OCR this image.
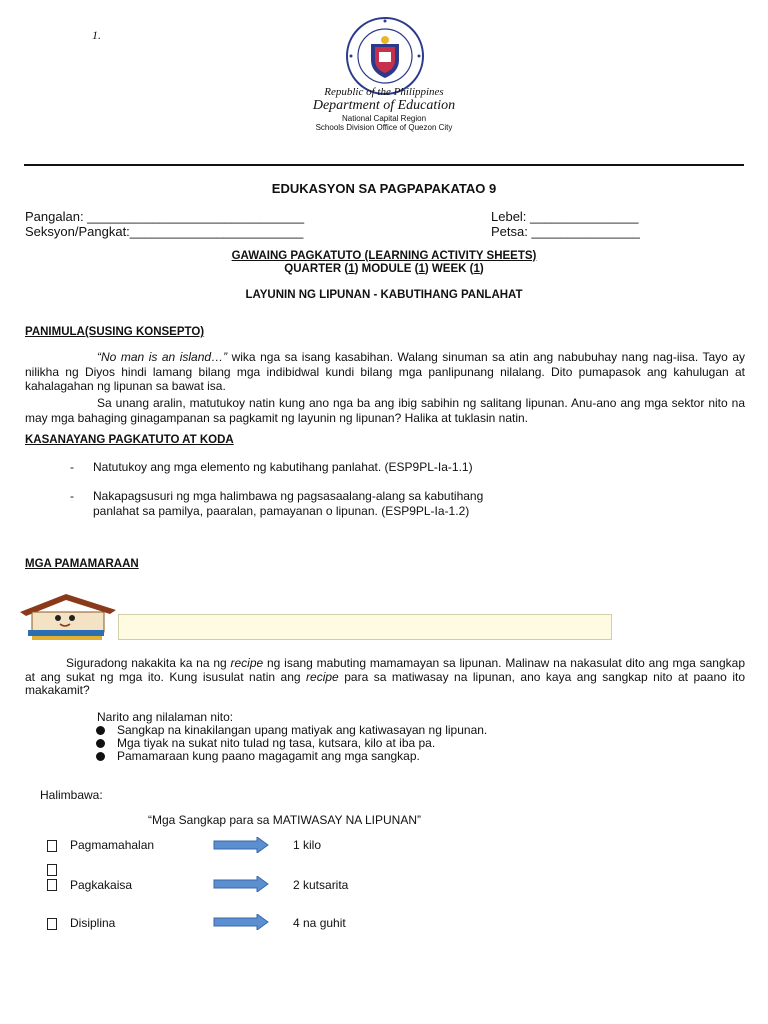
1.
Republic of the Philippines
Department of Education
National Capital Region
Schools Division Office of Quezon City
EDUKASYON SA PAGPAPAKATAO 9
Pangalan: ______________________________
Seksyon/Pangkat:________________________
Lebel: _______________
Petsa: _______________
GAWAING PAGKATUTO (LEARNING ACTIVITY SHEETS)
QUARTER (1) MODULE (1) WEEK (1)
LAYUNIN NG LIPUNAN - KABUTIHANG PANLAHAT
PANIMULA(SUSING KONSEPTO)
“No man is an island…” wika nga sa isang kasabihan. Walang sinuman sa atin ang nabubuhay nang nag-iisa. Tayo ay nilikha ng Diyos hindi lamang bilang mga indibidwal kundi bilang mga panlipunang nilalang. Dito pumapasok ang kahulugan at kahalagahan ng lipunan sa bawat isa.
Sa unang aralin, matutukoy natin kung ano nga ba ang ibig sabihin ng salitang lipunan. Anu-ano ang mga sektor nito na may mga bahaging ginagampanan sa pagkamit ng layunin ng lipunan? Halika at tuklasin natin.
KASANAYANG PAGKATUTO AT KODA
- Natutukoy ang mga elemento ng kabutihang panlahat. (ESP9PL-Ia-1.1)
- Nakapagsusuri ng mga halimbawa ng pagsasaalang-alang sa kabutihang
panlahat sa pamilya, paaralan, pamayanan o lipunan. (ESP9PL-Ia-1.2)
MGA PAMAMARAAN
Siguradong nakakita ka na ng recipe ng isang mabuting mamamayan sa lipunan. Malinaw na nakasulat dito ang mga sangkap at ang sukat ng mga ito. Kung isusulat natin ang recipe para sa matiwasay na lipunan, ano kaya ang sangkap nito at paano ito makakamit?
Narito ang nilalaman nito:
Sangkap na kinakilangan upang matiyak ang katiwasayan ng lipunan.
Mga tiyak na sukat nito tulad ng tasa, kutsara, kilo at iba pa.
Pamamaraan kung paano magagamit ang mga sangkap.
Halimbawa:
“Mga Sangkap para sa MATIWASAY NA LIPUNAN”
Pagmamahalan	1 kilo
Pagkakaisa	2 kutsarita
Disiplina	4 na guhit
